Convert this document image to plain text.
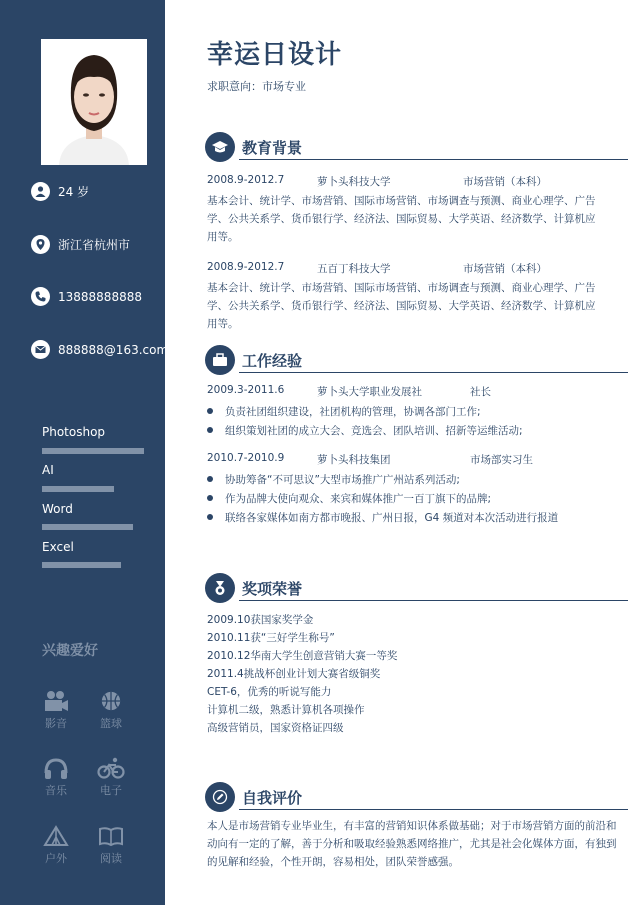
24 岁
浙江省杭州市
13888888888
888888@163.com
Photoshop
AI
Word
Excel
兴趣爱好
影音	篮球
音乐	电子
户外	阅读
幸运日设计
求职意向：市场专业
教育背景
2008.9-2012.7	萝卜头科技大学	市场营销（本科）
基本会计、统计学、市场营销、国际市场营销、市场调查与预测、商业心理学、广告
学、公共关系学、货币银行学、经济法、国际贸易、大学英语、经济数学、计算机应
用等。
2008.9-2012.7	五百丁科技大学	市场营销（本科）
基本会计、统计学、市场营销、国际市场营销、市场调查与预测、商业心理学、广告
学、公共关系学、货币银行学、经济法、国际贸易、大学英语、经济数学、计算机应
用等。
工作经验
2009.3-2011.6	萝卜头大学职业发展社	社长
负责社团组织建设，社团机构的管理，协调各部门工作;
组织策划社团的成立大会、竞选会、团队培训、招新等运维活动;
2010.7-2010.9	萝卜头科技集团	市场部实习生
协助筹备“不可思议”大型市场推广广州站系列活动;
作为品牌大使向观众、来宾和媒体推广一百丁旗下的品牌;
联络各家媒体如南方都市晚报、广州日报，G4 频道对本次活动进行报道
奖项荣誉
2009.10获国家奖学金
2010.11获“三好学生称号”
2010.12华南大学生创意营销大赛一等奖
2011.4挑战杯创业计划大赛省级铜奖
CET-6，优秀的听说写能力
计算机二级，熟悉计算机各项操作
高级营销员，国家资格证四级
自我评价
本人是市场营销专业毕业生，有丰富的营销知识体系做基础；对于市场营销方面的前沿和
动向有一定的了解，善于分析和吸取经验熟悉网络推广，尤其是社会化媒体方面，有独到
的见解和经验，个性开朗，容易相处，团队荣誉感强。
